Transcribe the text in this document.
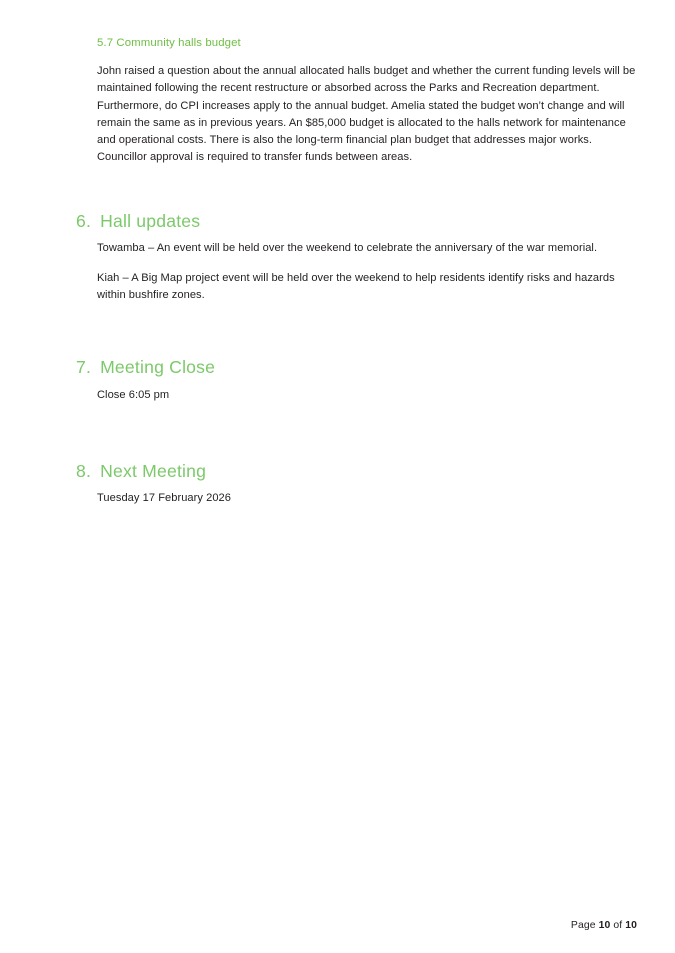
5.7 Community halls budget

John raised a question about the annual allocated halls budget and whether the current funding levels will be maintained following the recent restructure or absorbed across the Parks and Recreation department. Furthermore, do CPI increases apply to the annual budget. Amelia stated the budget won’t change and will remain the same as in previous years. An $85,000 budget is allocated to the halls network for maintenance and operational costs. There is also the long-term financial plan budget that addresses major works. Councillor approval is required to transfer funds between areas.

6. Hall updates

Towamba – An event will be held over the weekend to celebrate the anniversary of the war memorial.

Kiah – A Big Map project event will be held over the weekend to help residents identify risks and hazards within bushfire zones.

7. Meeting Close

Close 6:05 pm

8. Next Meeting

Tuesday 17 February 2026

Page 10 of 10
